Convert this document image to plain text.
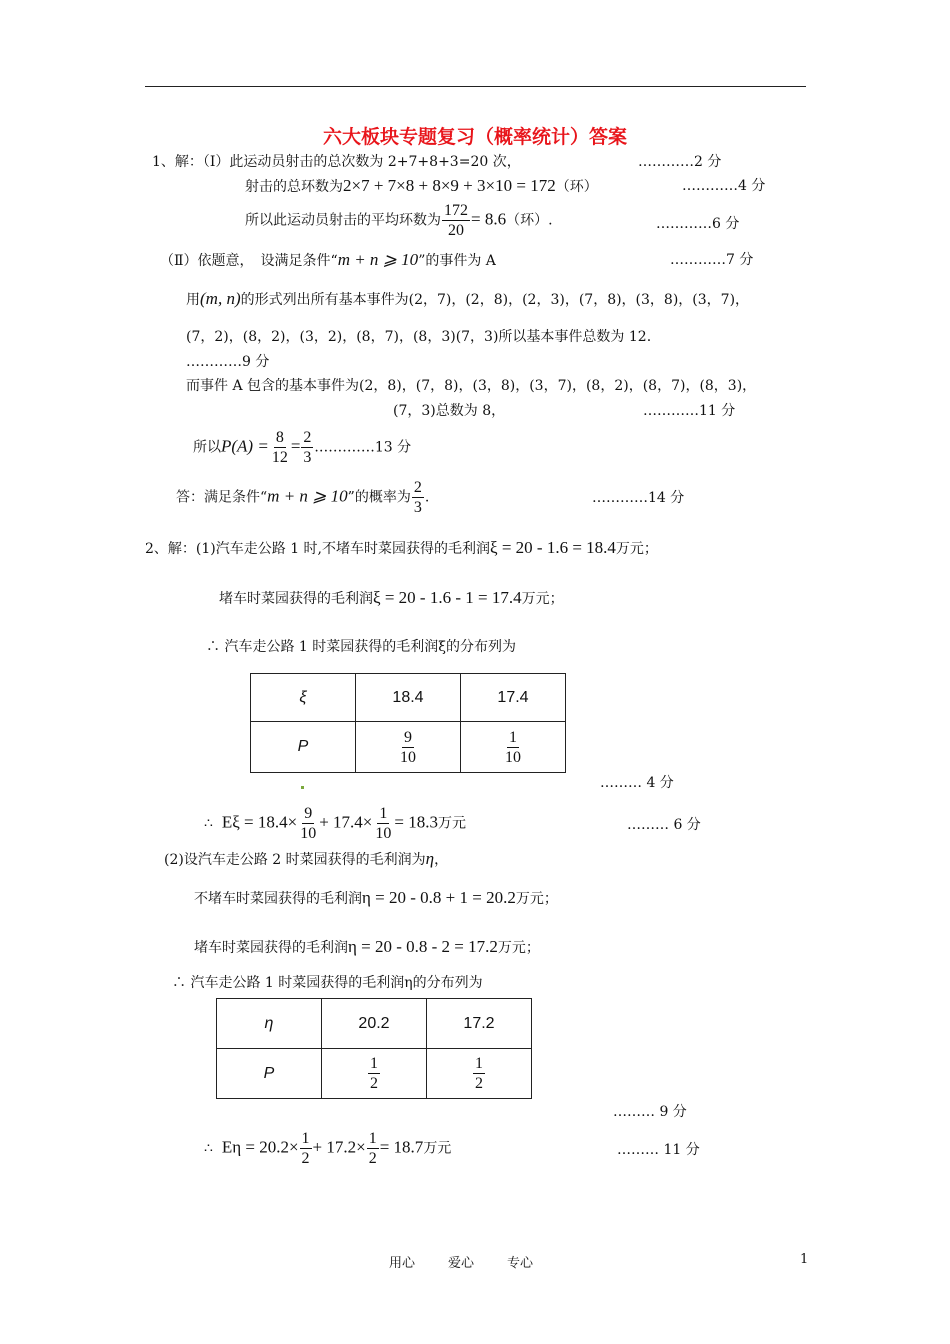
六大板块专题复习（概率统计）答案
1、解：（Ⅰ）此运动员射击的总次数为 2+7+8+3=20 次，	…………2 分
射击的总环数为2×7 + 7×8 + 8×9 + 3×10 = 172（环）	…………4 分
所以此运动员射击的平均环数为 $\frac{172}{20} = 8.6$（环）.	…………6 分
（Ⅱ）依题意，　设满足条件“m + n ⩾ 10”的事件为 A	…………7 分
用(m, n)的形式列出所有基本事件为(2，7)，(2，8)，(2，3)，(7，8)，(3，8)，(3，7)，
(7，2)，(8，2)，(3，2)，(8，7)，(8，3)(7，3)所以基本事件总数为 12.
…………9 分
而事件 A 包含的基本事件为(2，8)，(7，8)，(3，8)，(3，7)，(8，2)，(8，7)，(8，3)，
(7，3)总数为 8，	…………11 分
所以$P(A) = \frac{8}{12} = \frac{2}{3}$ .…………13 分
答：满足条件“m + n ⩾ 10”的概率为 $\frac{2}{3}$ .	…………14 分
2、解：(1)汽车走公路 1 时,不堵车时菜园获得的毛利润ξ = 20 - 1.6 = 18.4万元；
堵车时菜园获得的毛利润ξ = 20 - 1.6 - 1 = 17.4万元；
∴ 汽车走公路 1 时菜园获得的毛利润ξ的分布列为
ξ	18.4	17.4
P	$\frac{9}{10}$	$\frac{1}{10}$
……… 4 分
∴ $E\xi = 18.4\times \frac{9}{10} + 17.4\times \frac{1}{10} = 18.3$万元	……… 6 分
(2)设汽车走公路 2 时菜园获得的毛利润为η，
不堵车时菜园获得的毛利润η = 20 - 0.8 + 1 = 20.2万元；
堵车时菜园获得的毛利润η = 20 - 0.8 - 2 = 17.2万元；
∴ 汽车走公路 1 时菜园获得的毛利润η的分布列为
η	20.2	17.2
P	$\frac{1}{2}$	$\frac{1}{2}$
……… 9 分
∴ $E\eta = 20.2\times \frac{1}{2} + 17.2\times \frac{1}{2} = 18.7$万元	……… 11 分
用心	爱心	专心	1
